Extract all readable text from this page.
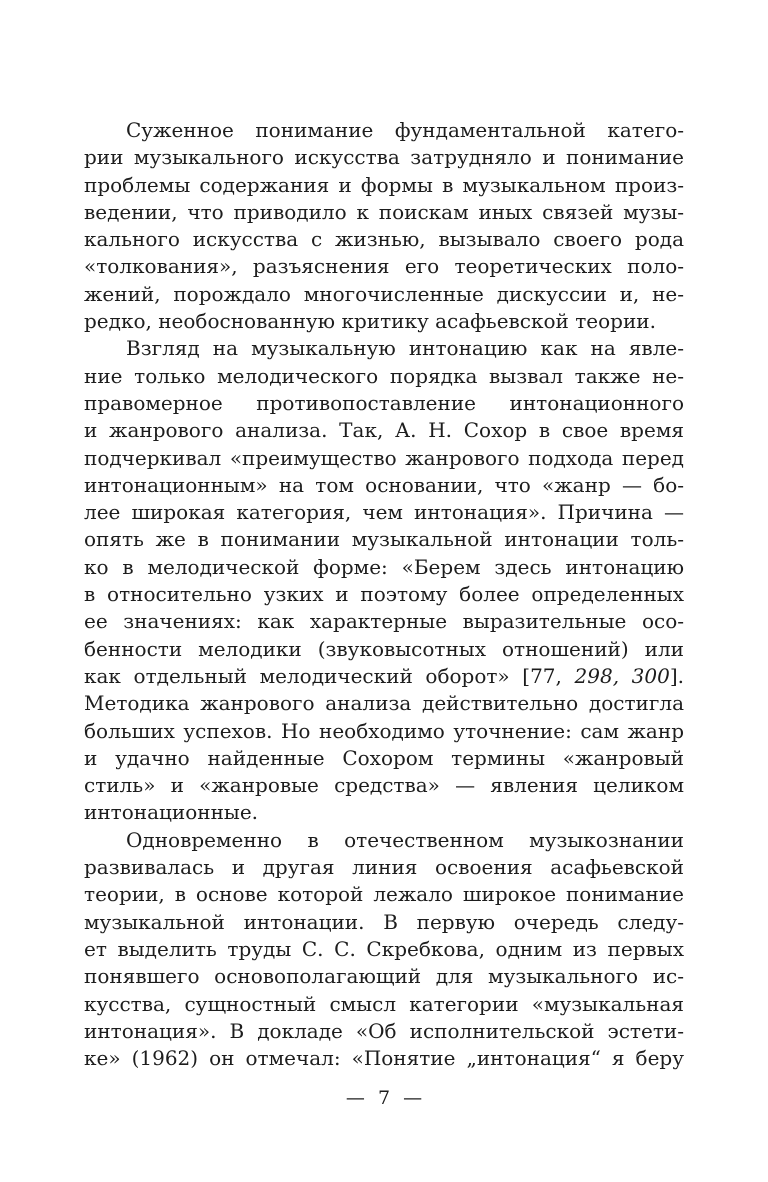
Суженное понимание фундаментальной катего-
рии музыкального искусства затрудняло и понимание
проблемы содержания и формы в музыкальном произ-
ведении, что приводило к поискам иных связей музы-
кального искусства с жизнью, вызывало своего рода
«толкования», разъяснения его теоретических поло-
жений, порождало многочисленные дискуссии и, не-
редко, необоснованную критику асафьевской теории.
Взгляд на музыкальную интонацию как на явле-
ние только мелодического порядка вызвал также не-
правомерное противопоставление интонационного
и жанрового анализа. Так, А. Н. Сохор в свое время
подчеркивал «преимущество жанрового подхода перед
интонационным» на том основании, что «жанр — бо-
лее широкая категория, чем интонация». Причина —
опять же в понимании музыкальной интонации толь-
ко в мелодической форме: «Берем здесь интонацию
в относительно узких и поэтому более определенных
ее значениях: как характерные выразительные осо-
бенности мелодики (звуковысотных отношений) или
как отдельный мелодический оборот» [77, 298, 300].
Методика жанрового анализа действительно достигла
больших успехов. Но необходимо уточнение: сам жанр
и удачно найденные Сохором термины «жанровый
стиль» и «жанровые средства» — явления целиком
интонационные.
Одновременно в отечественном музыкознании
развивалась и другая линия освоения асафьевской
теории, в основе которой лежало широкое понимание
музыкальной интонации. В первую очередь следу-
ет выделить труды С. С. Скребкова, одним из первых
понявшего основополагающий для музыкального ис-
кусства, сущностный смысл категории «музыкальная
интонация». В докладе «Об исполнительской эстети-
ке» (1962) он отмечал: «Понятие „интонация“ я беру
— 7 —
